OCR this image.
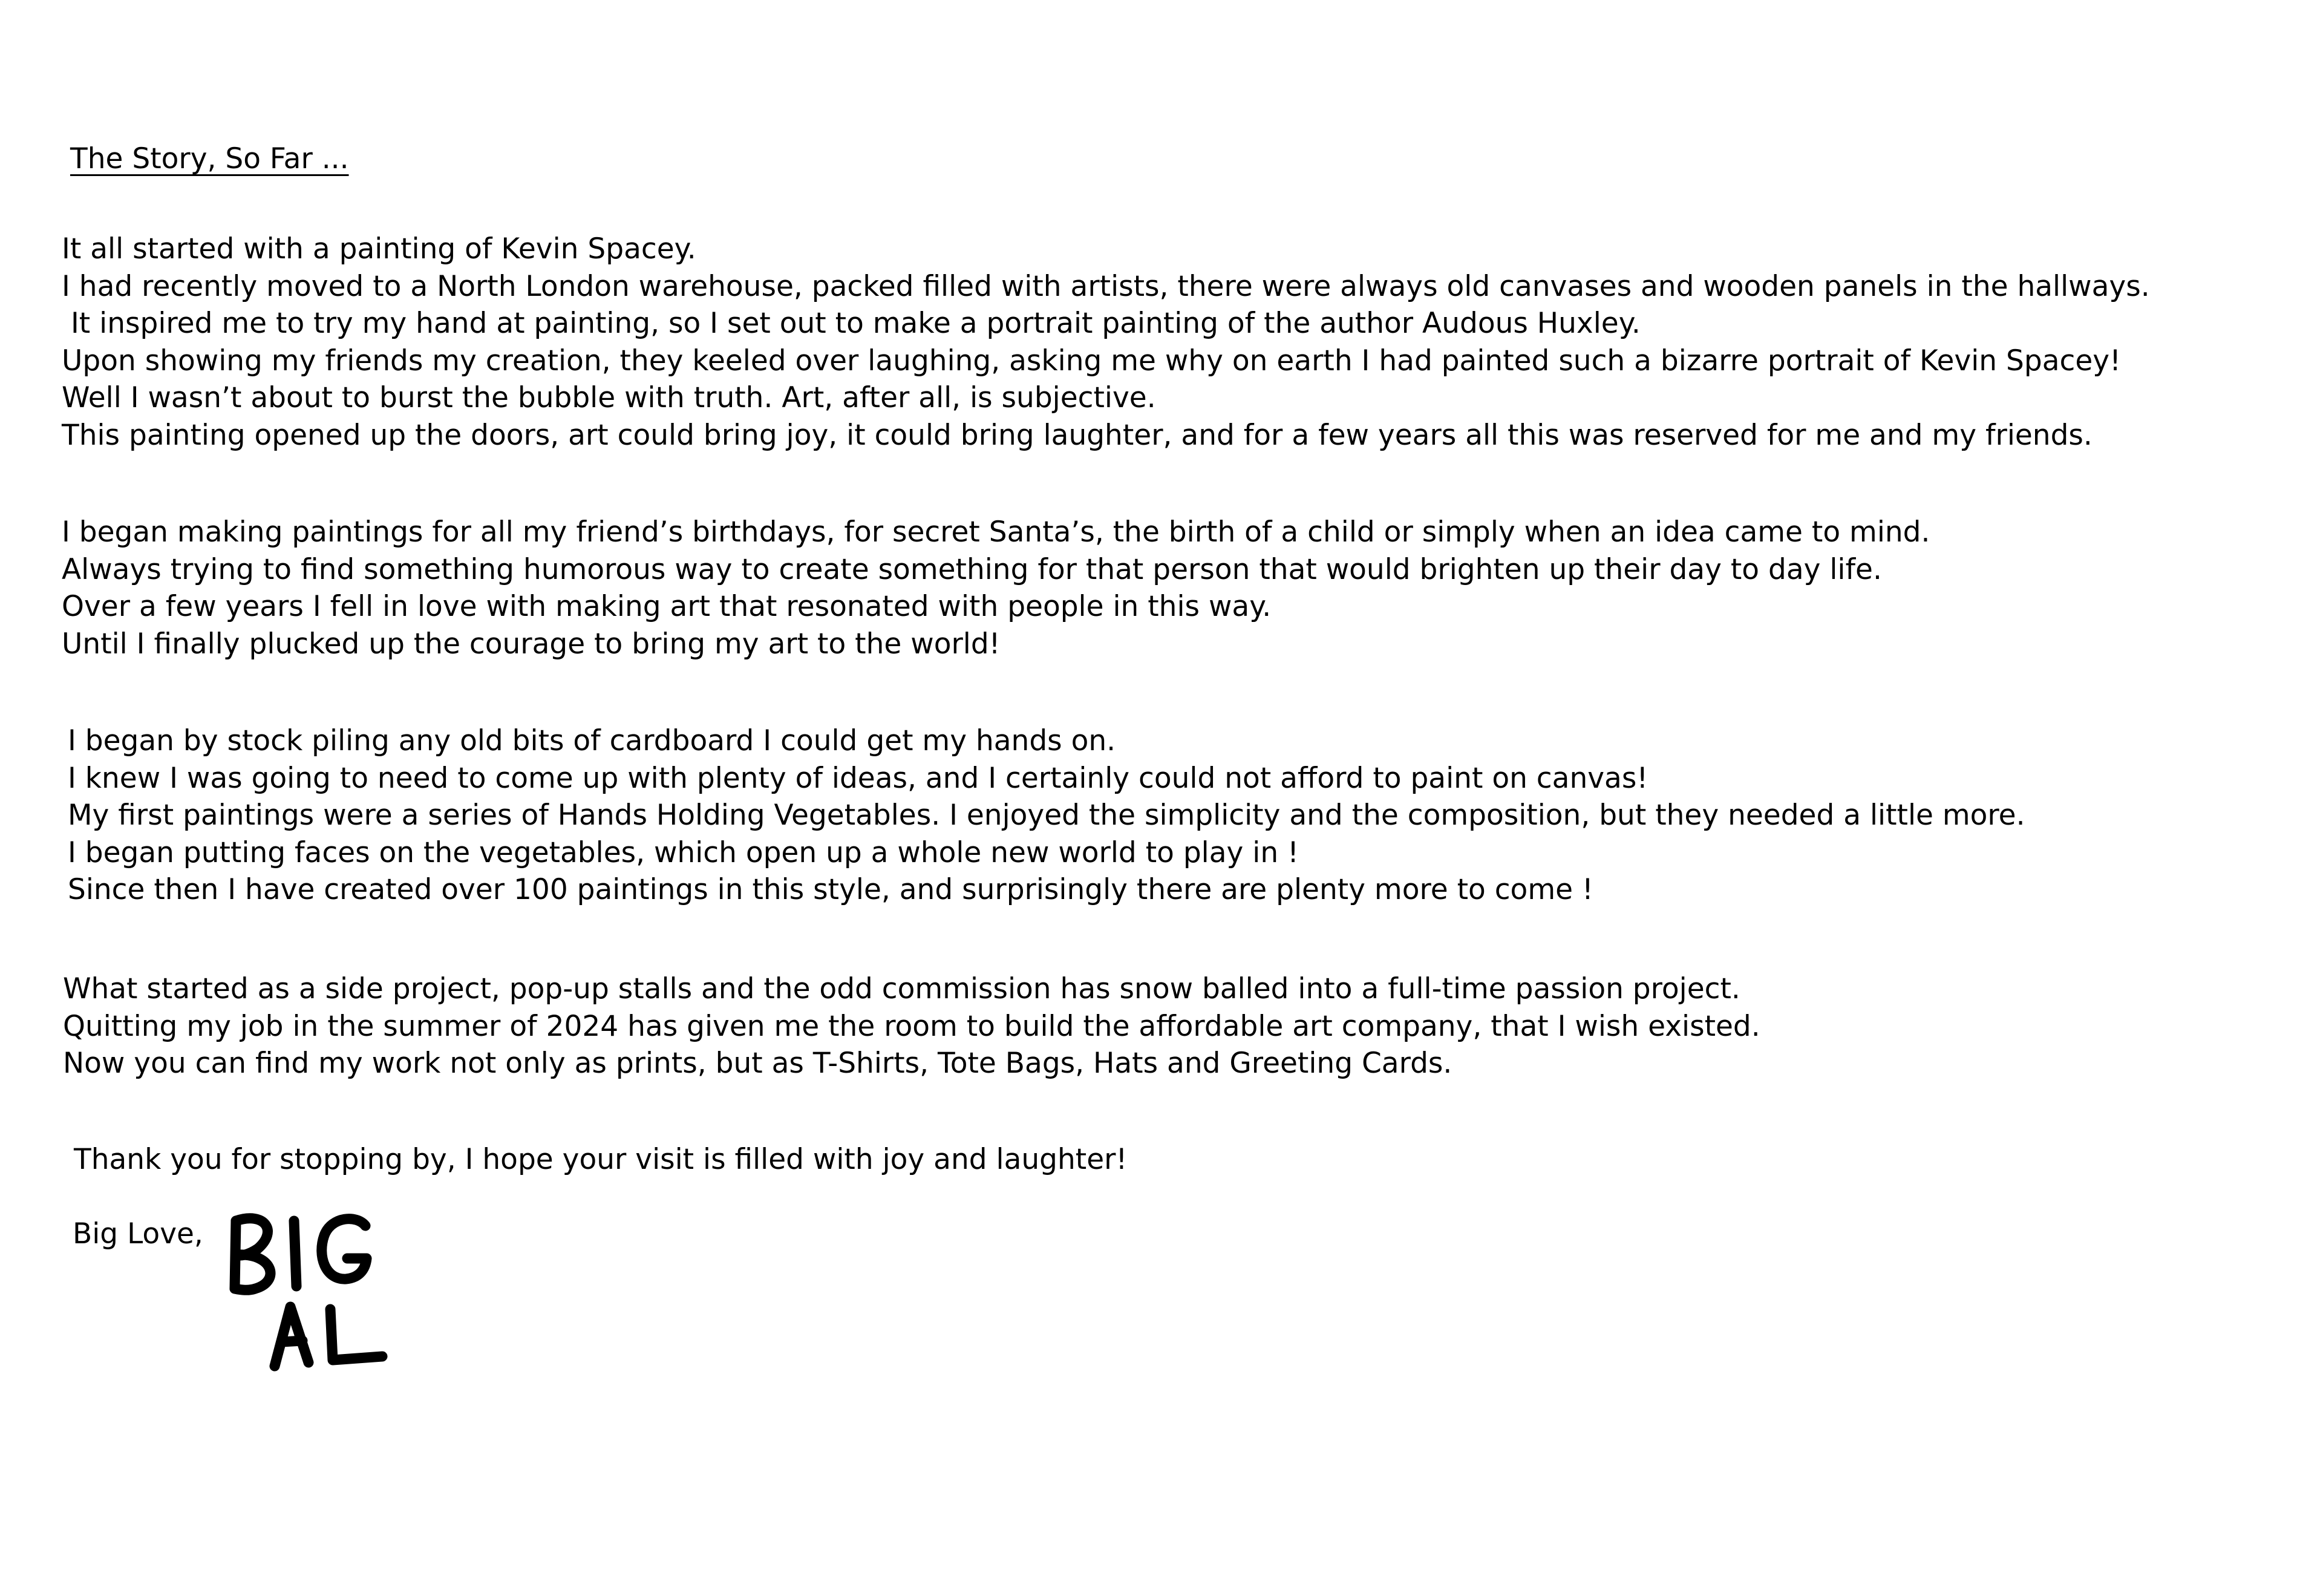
The Story, So Far ...
It all started with a painting of Kevin Spacey.
I had recently moved to a North London warehouse, packed filled with artists, there were always old canvases and wooden panels in the hallways.
It inspired me to try my hand at painting, so I set out to make a portrait painting of the author Audous Huxley.
Upon showing my friends my creation, they keeled over laughing, asking me why on earth I had painted such a bizarre portrait of Kevin Spacey!
Well I wasn’t about to burst the bubble with truth. Art, after all, is subjective.
This painting opened up the doors, art could bring joy, it could bring laughter, and for a few years all this was reserved for me and my friends.
I began making paintings for all my friend’s birthdays, for secret Santa’s, the birth of a child or simply when an idea came to mind.
Always trying to find something humorous way to create something for that person that would brighten up their day to day life.
Over a few years I fell in love with making art that resonated with people in this way.
Until I finally plucked up the courage to bring my art to the world!
I began by stock piling any old bits of cardboard I could get my hands on.
I knew I was going to need to come up with plenty of ideas, and I certainly could not afford to paint on canvas!
My first paintings were a series of Hands Holding Vegetables. I enjoyed the simplicity and the composition, but they needed a little more.
I began putting faces on the vegetables, which open up a whole new world to play in !
Since then I have created over 100 paintings in this style, and surprisingly there are plenty more to come !
What started as a side project, pop-up stalls and the odd commission has snow balled into a full-time passion project.
Quitting my job in the summer of 2024 has given me the room to build the affordable art company, that I wish existed.
Now you can find my work not only as prints, but as T-Shirts, Tote Bags, Hats and Greeting Cards.
Thank you for stopping by, I hope your visit is filled with joy and laughter!
Big Love,
